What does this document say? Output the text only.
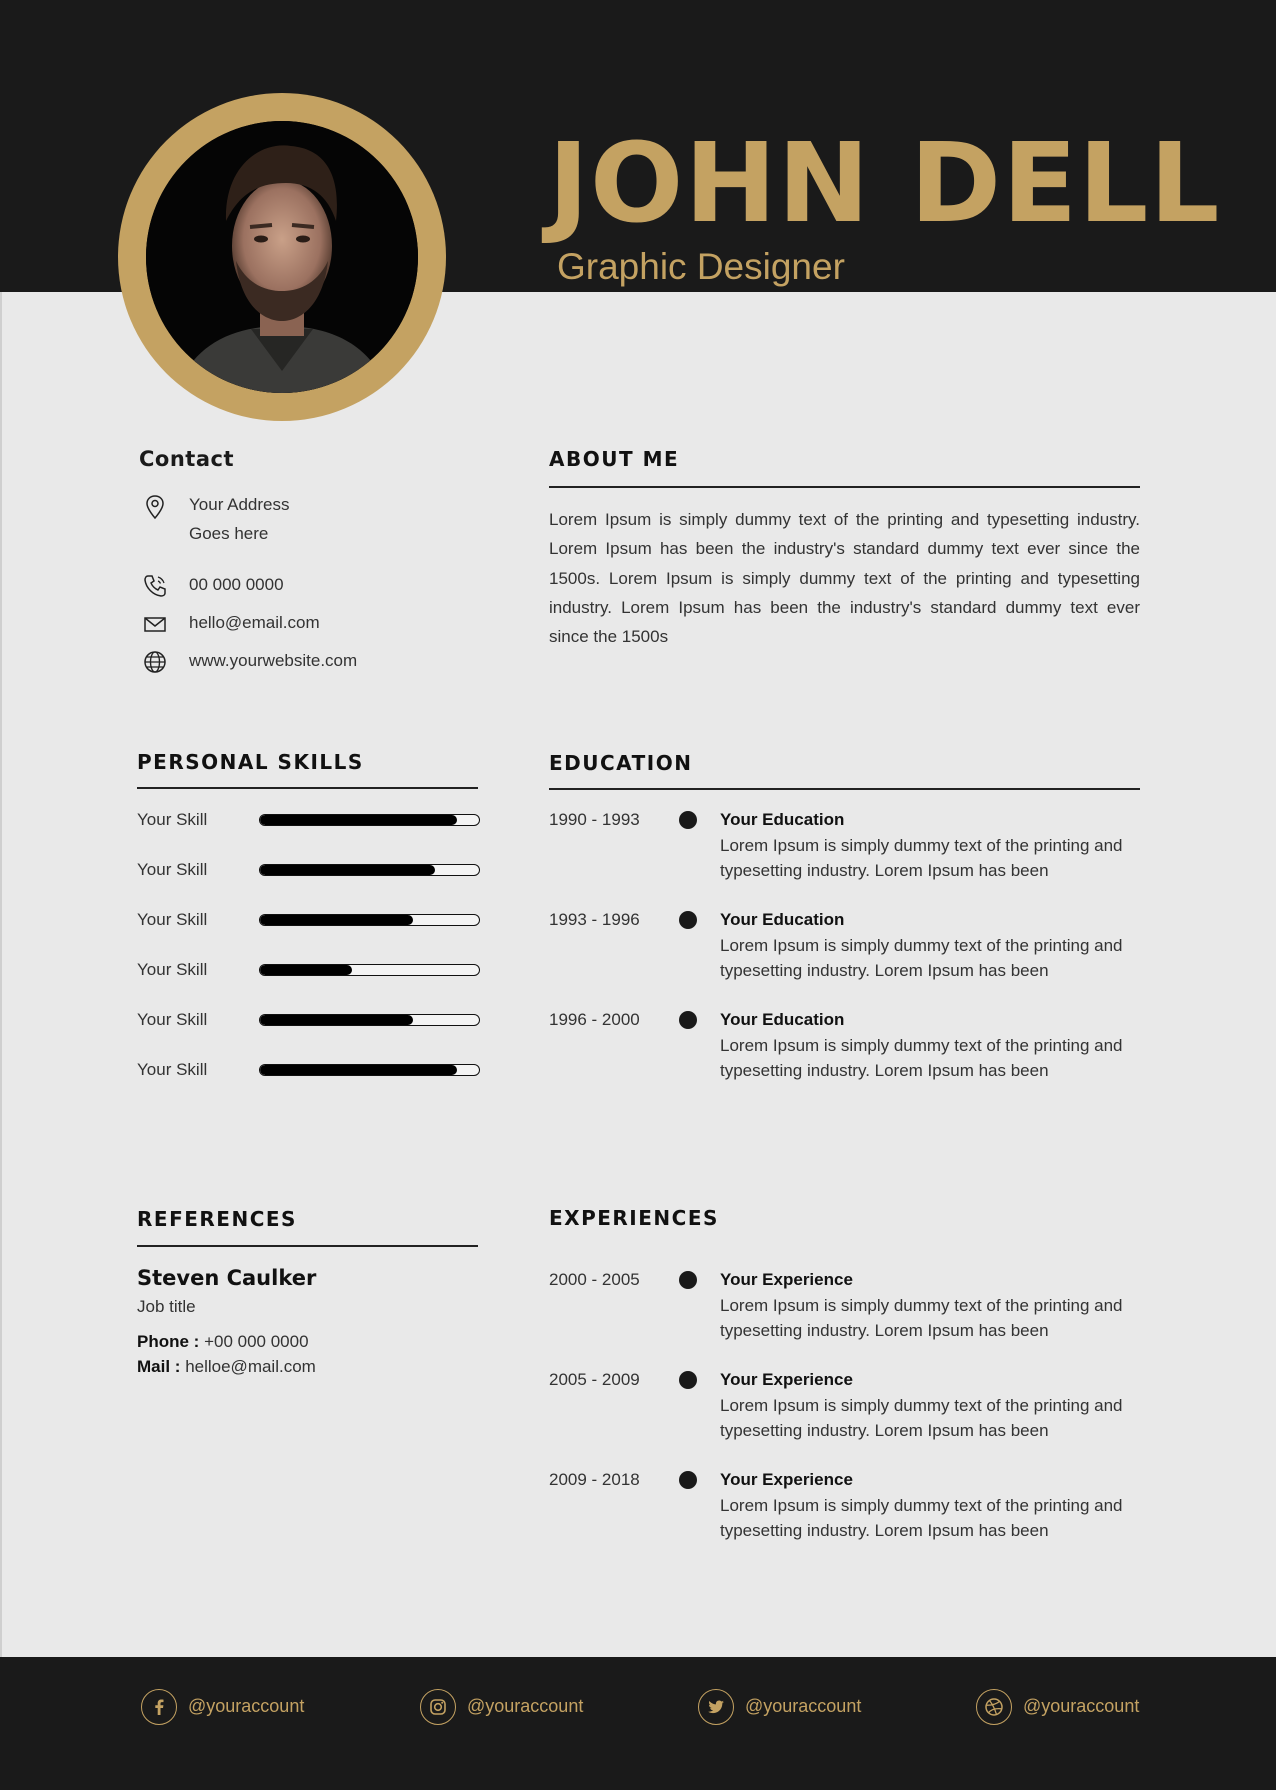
JOHN DELL
Graphic Designer
Contact
Your Address
Goes here
00 000 0000
hello@email.com
www.yourwebsite.com
ABOUT ME
Lorem Ipsum is simply dummy text of the printing and typesetting industry. Lorem Ipsum has been the industry's standard dummy text ever since the 1500s. Lorem Ipsum is simply dummy text of the printing and typesetting industry. Lorem Ipsum has been the industry's standard dummy text ever since the 1500s
PERSONAL SKILLS
Your Skill
Your Skill
Your Skill
Your Skill
Your Skill
Your Skill
EDUCATION
1990 - 1993	Your Education
Lorem Ipsum is simply dummy text of the printing and typesetting industry. Lorem Ipsum has been
1993 - 1996	Your Education
Lorem Ipsum is simply dummy text of the printing and typesetting industry. Lorem Ipsum has been
1996 - 2000	Your Education
Lorem Ipsum is simply dummy text of the printing and typesetting industry. Lorem Ipsum has been
REFERENCES
Steven Caulker
Job title
Phone : +00 000 0000
Mail : helloe@mail.com
EXPERIENCES
2000 - 2005	Your Experience
Lorem Ipsum is simply dummy text of the printing and typesetting industry. Lorem Ipsum has been
2005 - 2009	Your Experience
Lorem Ipsum is simply dummy text of the printing and typesetting industry. Lorem Ipsum has been
2009 - 2018	Your Experience
Lorem Ipsum is simply dummy text of the printing and typesetting industry. Lorem Ipsum has been
@youraccount	@youraccount	@youraccount	@youraccount
